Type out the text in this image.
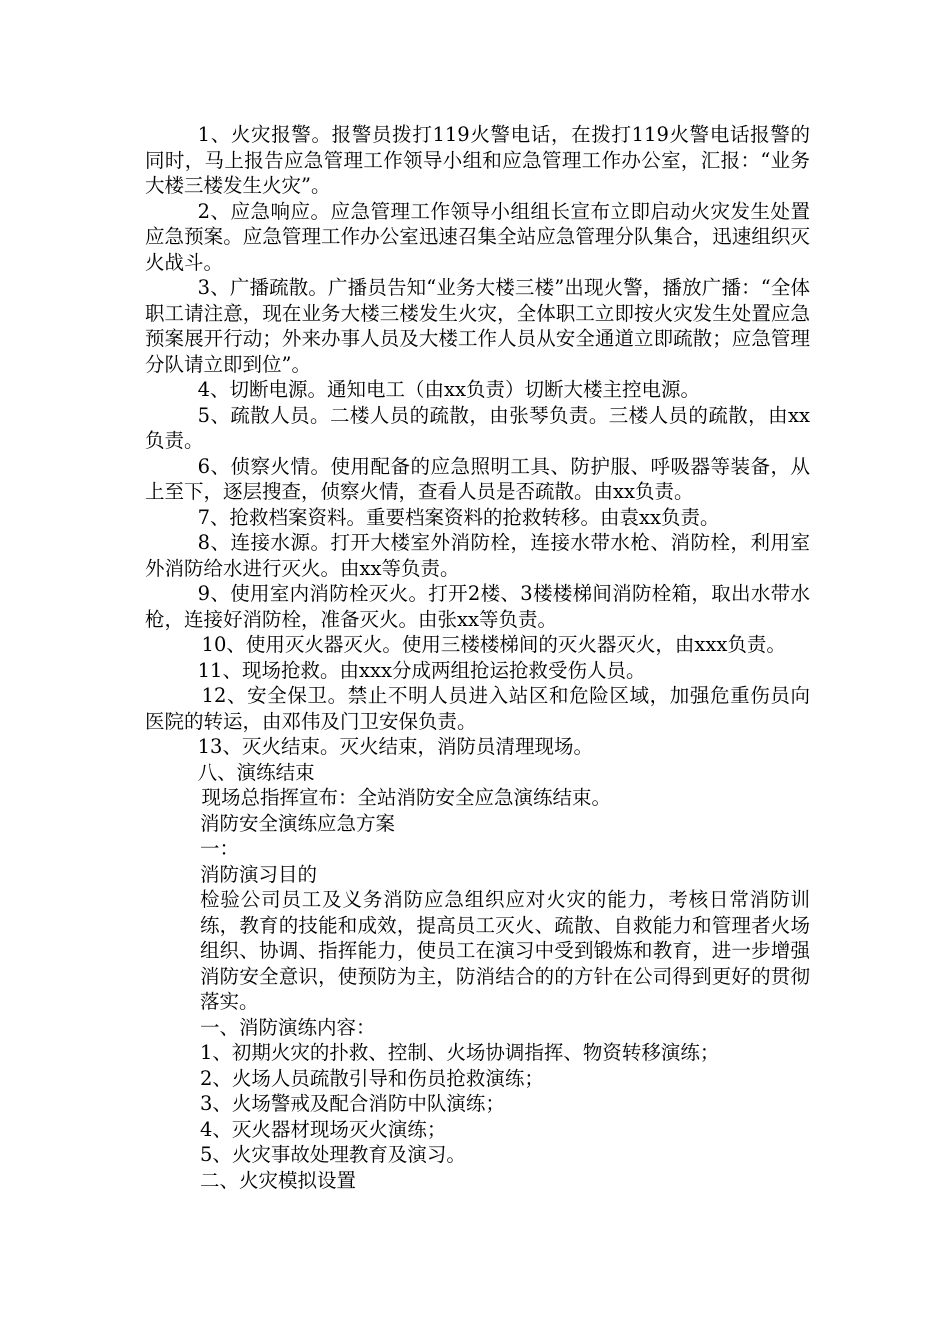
1、火灾报警。报警员拨打119火警电话，在拨打119火警电话报警的同时，马上报告应急管理工作领导小组和应急管理工作办公室，汇报：“业务大楼三楼发生火灾”。

2、应急响应。应急管理工作领导小组组长宣布立即启动火灾发生处置应急预案。应急管理工作办公室迅速召集全站应急管理分队集合，迅速组织灭火战斗。

3、广播疏散。广播员告知“业务大楼三楼”出现火警，播放广播：“全体职工请注意，现在业务大楼三楼发生火灾，全体职工立即按火灾发生处置应急预案展开行动；外来办事人员及大楼工作人员从安全通道立即疏散；应急管理分队请立即到位”。

4、切断电源。通知电工（由xx负责）切断大楼主控电源。

5、疏散人员。二楼人员的疏散，由张琴负责。三楼人员的疏散，由xx负责。

6、侦察火情。使用配备的应急照明工具、防护服、呼吸器等装备，从上至下，逐层搜查，侦察火情，查看人员是否疏散。由xx负责。

7、抢救档案资料。重要档案资料的抢救转移。由袁xx负责。

8、连接水源。打开大楼室外消防栓，连接水带水枪、消防栓，利用室外消防给水进行灭火。由xx等负责。

9、使用室内消防栓灭火。打开2楼、3楼楼梯间消防栓箱，取出水带水枪，连接好消防栓，准备灭火。由张xx等负责。

10、使用灭火器灭火。使用三楼楼梯间的灭火器灭火，由xxx负责。

11、现场抢救。由xxx分成两组抢运抢救受伤人员。

12、安全保卫。禁止不明人员进入站区和危险区域，加强危重伤员向医院的转运，由邓伟及门卫安保负责。

13、灭火结束。灭火结束，消防员清理现场。

八、演练结束

现场总指挥宣布：全站消防安全应急演练结束。

消防安全演练应急方案

一：

消防演习目的

检验公司员工及义务消防应急组织应对火灾的能力，考核日常消防训练，教育的技能和成效，提高员工灭火、疏散、自救能力和管理者火场组织、协调、指挥能力，使员工在演习中受到锻炼和教育，进一步增强消防安全意识，使预防为主，防消结合的的方针在公司得到更好的贯彻落实。

一、消防演练内容：

1、初期火灾的扑救、控制、火场协调指挥、物资转移演练；

2、火场人员疏散引导和伤员抢救演练；

3、火场警戒及配合消防中队演练；

4、灭火器材现场灭火演练；

5、火灾事故处理教育及演习。

二、火灾模拟设置
